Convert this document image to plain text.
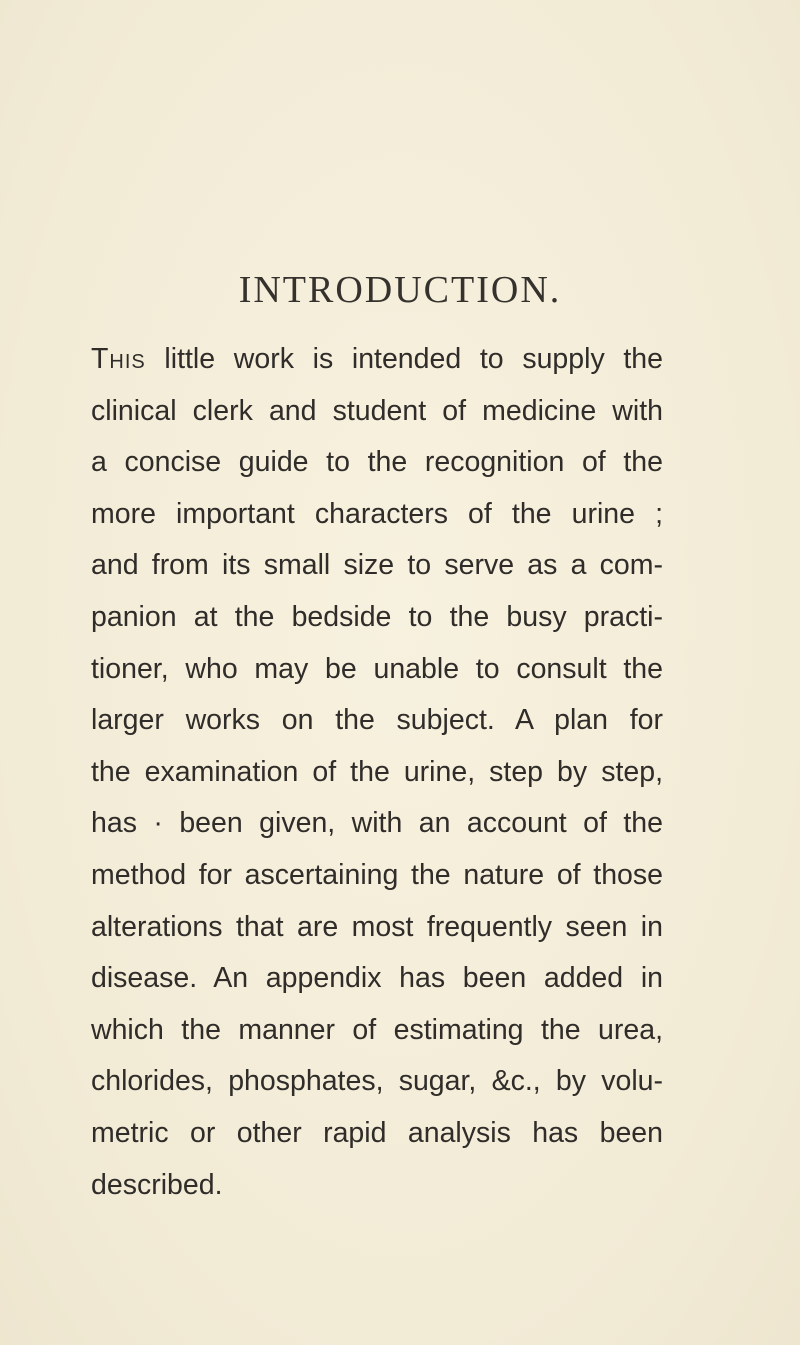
INTRODUCTION.
This little work is intended to supply the
clinical clerk and student of medicine with
a concise guide to the recognition of the
more important characters of the urine ;
and from its small size to serve as a com-
panion at the bedside to the busy practi-
tioner, who may be unable to consult the
larger works on the subject. A plan for
the examination of the urine, step by step,
has · been given, with an account of the
method for ascertaining the nature of those
alterations that are most frequently seen in
disease. An appendix has been added in
which the manner of estimating the urea,
chlorides, phosphates, sugar, &c., by volu-
metric or other rapid analysis has been
described.
